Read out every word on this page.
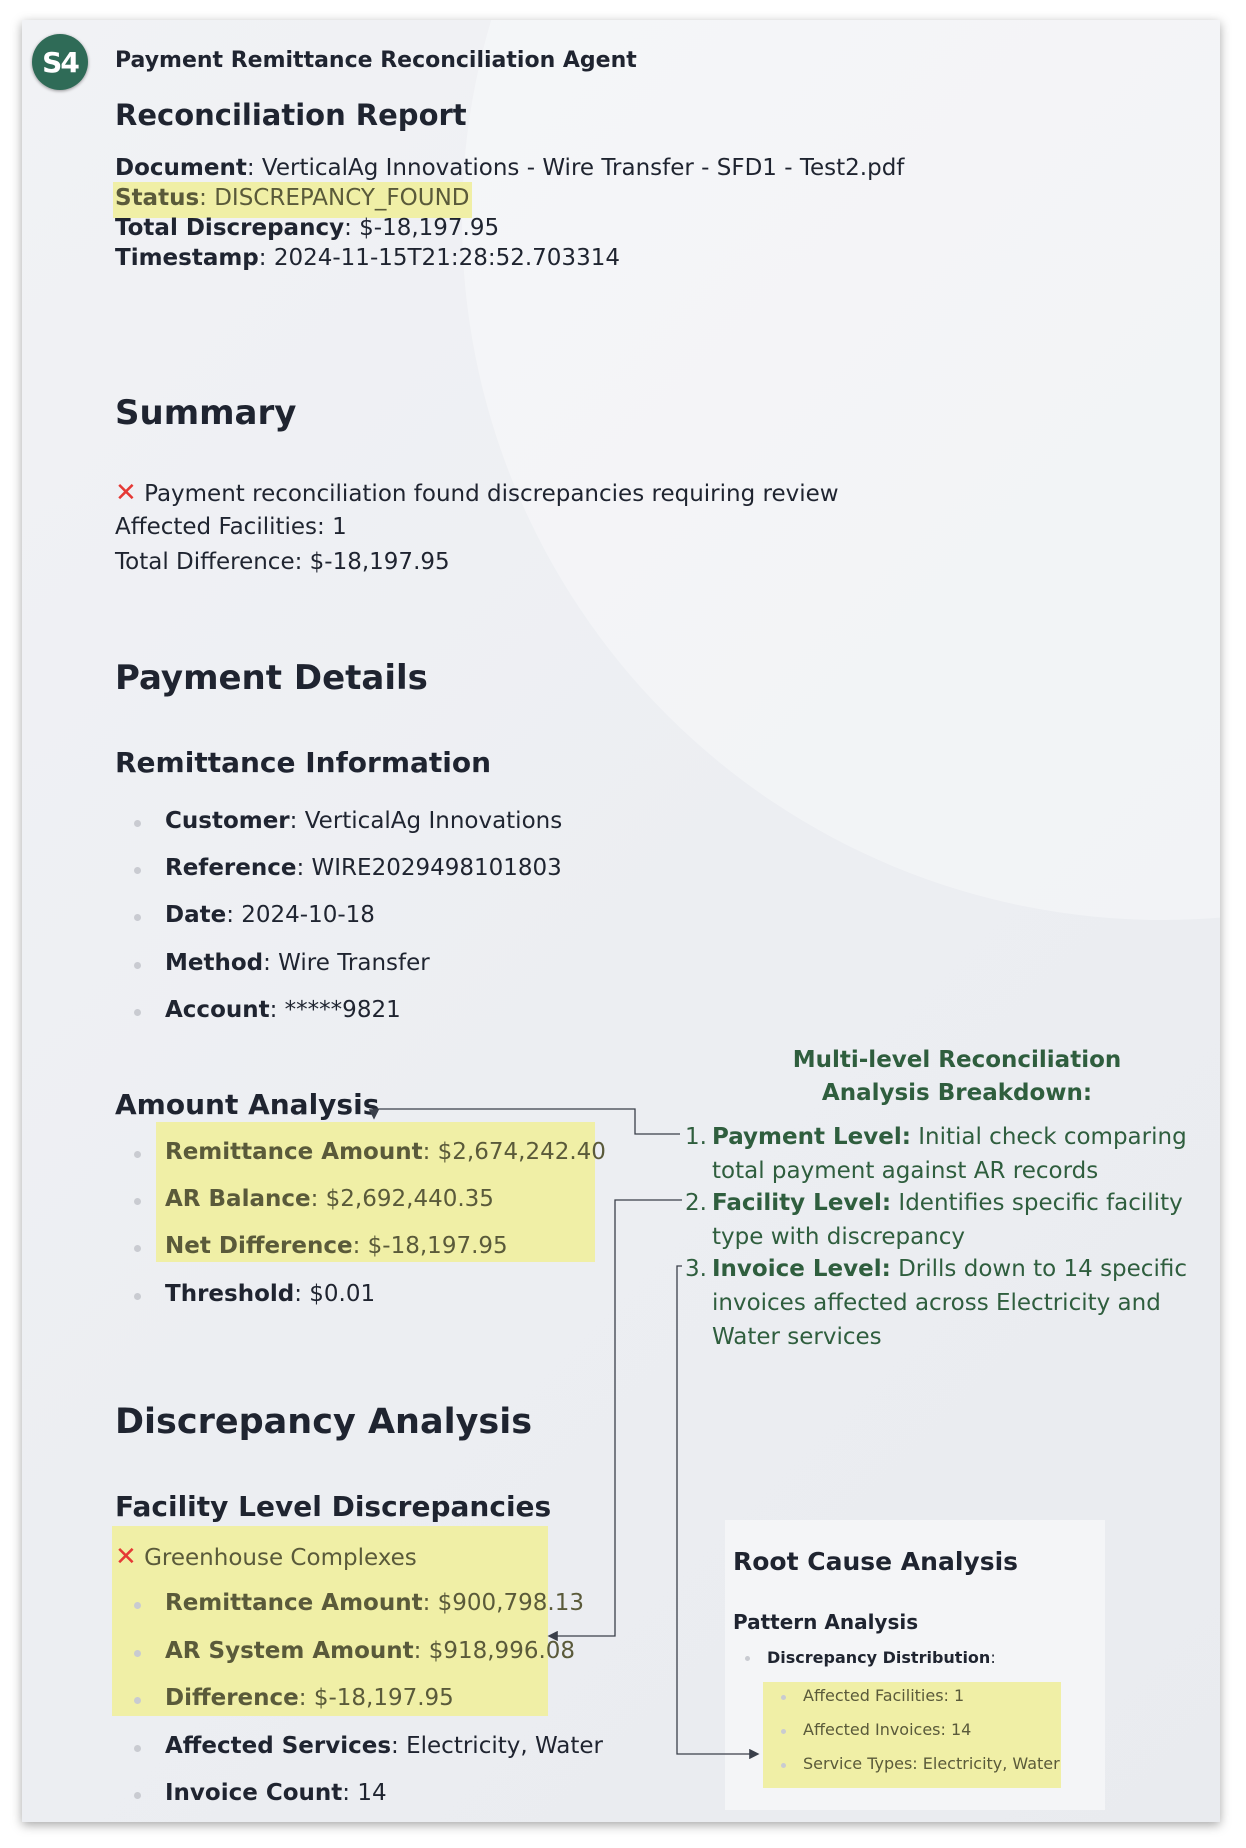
S4 Payment Remittance Reconciliation Agent
Reconciliation Report
Document: VerticalAg Innovations - Wire Transfer - SFD1 - Test2.pdf
Status: DISCREPANCY_FOUND
Total Discrepancy: $-18,197.95
Timestamp: 2024-11-15T21:28:52.703314
Summary
✕ Payment reconciliation found discrepancies requiring review
Affected Facilities: 1
Total Difference: $-18,197.95
Payment Details
Remittance Information
Customer: VerticalAg Innovations
Reference: WIRE2029498101803
Date: 2024-10-18
Method: Wire Transfer
Account: *****9821
Amount Analysis
Remittance Amount: $2,674,242.40
AR Balance: $2,692,440.35
Net Difference: $-18,197.95
Threshold: $0.01
Discrepancy Analysis
Facility Level Discrepancies
✕ Greenhouse Complexes
Remittance Amount: $900,798.13
AR System Amount: $918,996.08
Difference: $-18,197.95
Affected Services: Electricity, Water
Invoice Count: 14
Multi-level Reconciliation
Analysis Breakdown:
1. Payment Level: Initial check comparing total payment against AR records
2. Facility Level: Identifies specific facility type with discrepancy
3. Invoice Level: Drills down to 14 specific invoices affected across Electricity and Water services
Root Cause Analysis
Pattern Analysis
Discrepancy Distribution:
Affected Facilities: 1
Affected Invoices: 14
Service Types: Electricity, Water
